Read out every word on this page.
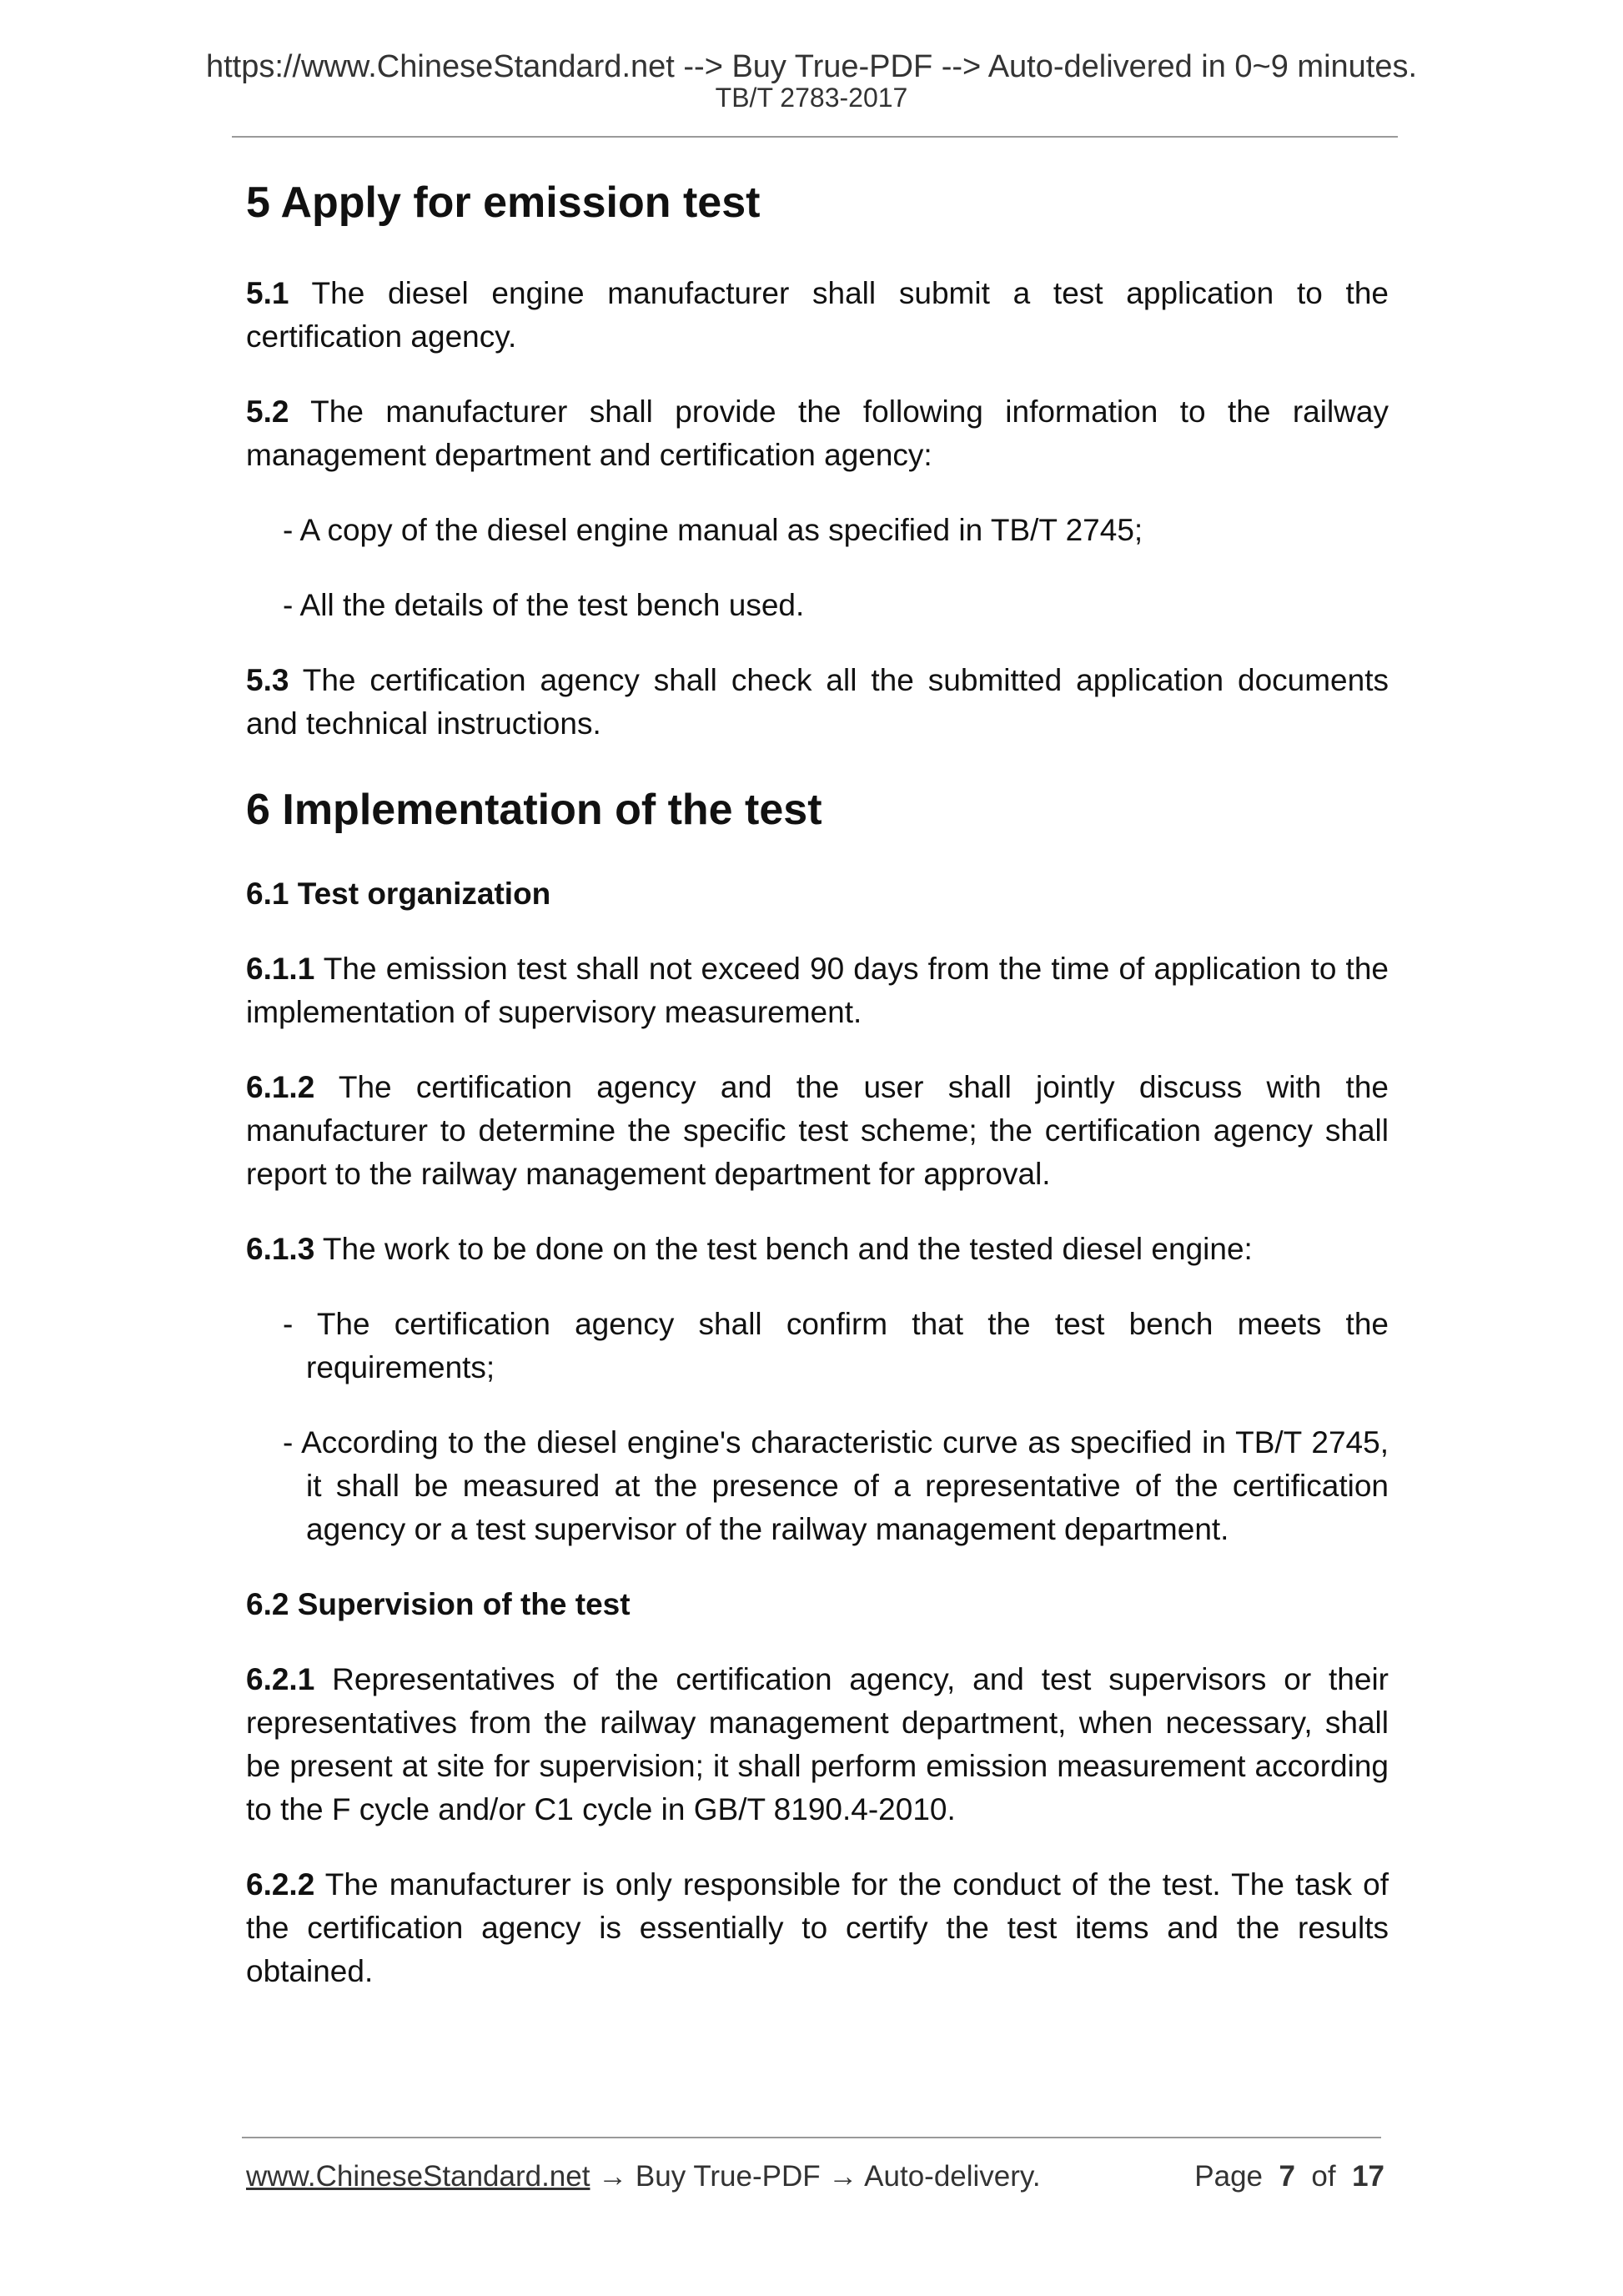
https://www.ChineseStandard.net --> Buy True-PDF --> Auto-delivered in 0~9 minutes.
TB/T 2783-2017
5 Apply for emission test

5.1 The diesel engine manufacturer shall submit a test application to the certification agency.

5.2 The manufacturer shall provide the following information to the railway management department and certification agency:

- A copy of the diesel engine manual as specified in TB/T 2745;

- All the details of the test bench used.

5.3 The certification agency shall check all the submitted application documents and technical instructions.

6 Implementation of the test
6.1 Test organization

6.1.1 The emission test shall not exceed 90 days from the time of application to the implementation of supervisory measurement.

6.1.2 The certification agency and the user shall jointly discuss with the manufacturer to determine the specific test scheme; the certification agency shall report to the railway management department for approval.

6.1.3 The work to be done on the test bench and the tested diesel engine:

- The certification agency shall confirm that the test bench meets the requirements;

- According to the diesel engine's characteristic curve as specified in TB/T 2745, it shall be measured at the presence of a representative of the certification agency or a test supervisor of the railway management department.

6.2 Supervision of the test

6.2.1 Representatives of the certification agency, and test supervisors or their representatives from the railway management department, when necessary, shall be present at site for supervision; it shall perform emission measurement according to the F cycle and/or C1 cycle in GB/T 8190.4-2010.

6.2.2 The manufacturer is only responsible for the conduct of the test. The task of the certification agency is essentially to certify the test items and the results obtained.

www.ChineseStandard.net → Buy True-PDF → Auto-delivery.	Page 7 of 17
